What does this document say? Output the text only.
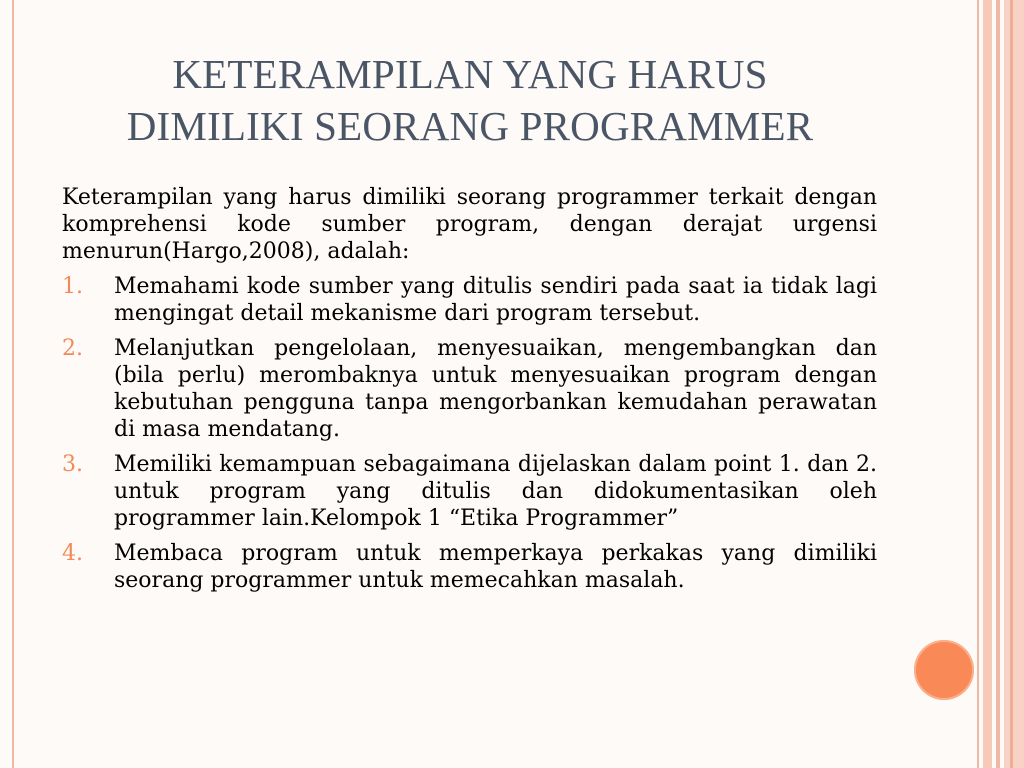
KETERAMPILAN YANG HARUS
DIMILIKI SEORANG PROGRAMMER

Keterampilan yang harus dimiliki seorang programmer terkait dengan komprehensi kode sumber program, dengan derajat urgensi menurun(Hargo,2008), adalah:

1. Memahami kode sumber yang ditulis sendiri pada saat ia tidak lagi mengingat detail mekanisme dari program tersebut.
2. Melanjutkan pengelolaan, menyesuaikan, mengembangkan dan (bila perlu) merombaknya untuk menyesuaikan program dengan kebutuhan pengguna tanpa mengorbankan kemudahan perawatan di masa mendatang.
3. Memiliki kemampuan sebagaimana dijelaskan dalam point 1. dan 2. untuk program yang ditulis dan didokumentasikan oleh programmer lain.Kelompok 1 “Etika Programmer”
4. Membaca program untuk memperkaya perkakas yang dimiliki seorang programmer untuk memecahkan masalah.
